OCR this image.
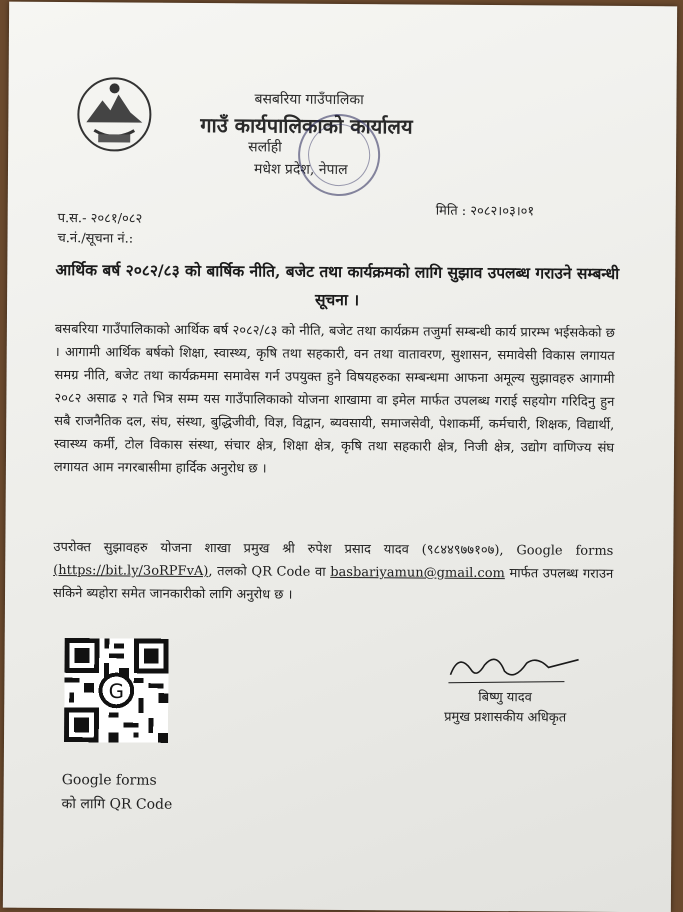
बसबरिया गाउँपालिका
गाउँ कार्यपालिकाको कार्यालय
सर्लाही
मधेश प्रदेश, नेपाल
मिति : २०८२।०३।०१
प.स.- २०८१/०८२
च.नं./सूचना नं.:
आर्थिक बर्ष २०८२/८३ को बार्षिक नीति, बजेट तथा कार्यक्रमको लागि सुझाव उपलब्ध गराउने सम्बन्धी सूचना ।
बसबरिया गाउँपालिकाको आर्थिक बर्ष २०८२/८३ को नीति, बजेट तथा कार्यक्रम तजुर्मा सम्बन्धी कार्य प्रारम्भ भईसकेको छ । आगामी आर्थिक बर्षको शिक्षा, स्वास्थ्य, कृषि तथा सहकारी, वन तथा वातावरण, सुशासन, समावेसी विकास लगायत समग्र नीति, बजेट तथा कार्यक्रममा समावेस गर्न उपयुक्त हुने विषयहरुका सम्बन्धमा आफना अमूल्य सुझावहरु आगामी २०८२ असाढ २ गते भित्र सम्म यस गाउँपालिकाको योजना शाखामा वा इमेल मार्फत उपलब्ध गराई सहयोग गरिदिनु हुन सबै राजनैतिक दल, संघ, संस्था, बुद्धिजीवी, विज्ञ, विद्वान, ब्यवसायी, समाजसेवी, पेशाकर्मी, कर्मचारी, शिक्षक, विद्यार्थी, स्वास्थ्य कर्मी, टोल विकास संस्था, संचार क्षेत्र, शिक्षा क्षेत्र, कृषि तथा सहकारी क्षेत्र, निजी क्षेत्र, उद्योग वाणिज्य संघ लगायत आम नगरबासीमा हार्दिक अनुरोध छ ।
उपरोक्त सुझावहरु योजना शाखा प्रमुख श्री रुपेश प्रसाद यादव (९८४४९७७१०७), Google forms (https://bit.ly/3oRPFvA), तलको QR Code वा basbariyamun@gmail.com मार्फत उपलब्ध गराउन सकिने ब्यहोरा समेत जानकारीको लागि अनुरोध छ ।
G
Google forms
को लागि QR Code
बिष्णु यादव
प्रमुख प्रशासकीय अधिकृत
